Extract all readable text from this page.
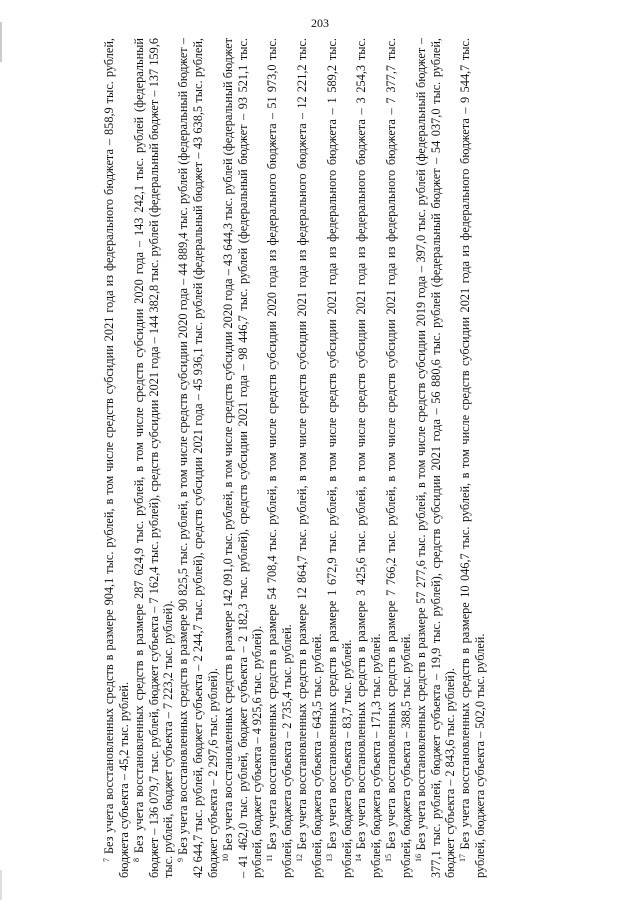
203

$^7$ Без учета восстановленных средств в размере 904,1 тыс. рублей, в том числе средств субсидии 2021 года из федерального бюджета – 858,9 тыс. рублей, бюджета субъекта – 45,2 тыс. рублей. $^8$ Без учета восстановленных средств в размере 287 624,9 тыс. рублей, в том числе средств субсидии 2020 года – 143 242,1 тыс. рублей (федеральный бюджет – 136 079,7 тыс. рублей, бюджет субъекта – 7 162,4 тыс. рублей), средств субсидии 2021 года – 144 382,8 тыс. рублей (федеральный бюджет – 137 159,6 тыс. рублей, бюджет субъекта – 7 223,2 тыс. рублей). $^9$ Без учета восстановленных средств в размере 90 825,5 тыс. рублей, в том числе средств субсидии 2020 года – 44 889,4 тыс. рублей (федеральный бюджет – 42 644,7 тыс. рублей, бюджет субъекта – 2 244,7 тыс. рублей), средств субсидии 2021 года – 45 936,1 тыс. рублей (федеральный бюджет – 43 638,5 тыс. рублей, бюджет субъекта – 2 297,6 тыс. рублей). $^{10}$ Без учета восстановленных средств в размере 142 091,0 тыс. рублей, в том числе средств субсидии 2020 года – 43 644,3 тыс. рублей (федеральный бюджет – 41 462,0 тыс. рублей, бюджет субъекта – 2 182,3 тыс. рублей), средств субсидии 2021 года – 98 446,7 тыс. рублей (федеральный бюджет – 93 521,1 тыс. рублей, бюджет субъекта – 4 925,6 тыс. рублей). $^{11}$ Без учета восстановленных средств в размере 54 708,4 тыс. рублей, в том числе средств субсидии 2020 года из федерального бюджета – 51 973,0 тыс. рублей, бюджета субъекта – 2 735,4 тыс. рублей. $^{12}$ Без учета восстановленных средств в размере 12 864,7 тыс. рублей, в том числе средств субсидии 2021 года из федерального бюджета – 12 221,2 тыс. рублей, бюджета субъекта – 643,5 тыс. рублей. $^{13}$ Без учета восстановленных средств в размере 1 672,9 тыс. рублей, в том числе средств субсидии 2021 года из федерального бюджета – 1 589,2 тыс. рублей, бюджета субъекта – 83,7 тыс. рублей. $^{14}$ Без учета восстановленных средств в размере 3 425,6 тыс. рублей, в том числе средств субсидии 2021 года из федерального бюджета – 3 254,3 тыс. рублей, бюджета субъекта – 171,3 тыс. рублей. $^{15}$ Без учета восстановленных средств в размере 7 766,2 тыс. рублей, в том числе средств субсидии 2021 года из федерального бюджета – 7 377,7 тыс. рублей, бюджета субъекта – 388,5 тыс. рублей. $^{16}$ Без учета восстановленных средств в размере 57 277,6 тыс. рублей, в том числе средств субсидии 2019 года – 397,0 тыс. рублей (федеральный бюджет – 377,1 тыс. рублей, бюджет субъекта – 19,9 тыс. рублей), средств субсидии 2021 года – 56 880,6 тыс. рублей (федеральный бюджет – 54 037,0 тыс. рублей, бюджет субъекта – 2 843,6 тыс. рублей). $^{17}$ Без учета восстановленных средств в размере 10 046,7 тыс. рублей, в том числе средств субсидии 2021 года из федерального бюджета – 9 544,7 тыс. рублей, бюджета субъекта – 502,0 тыс. рублей.
